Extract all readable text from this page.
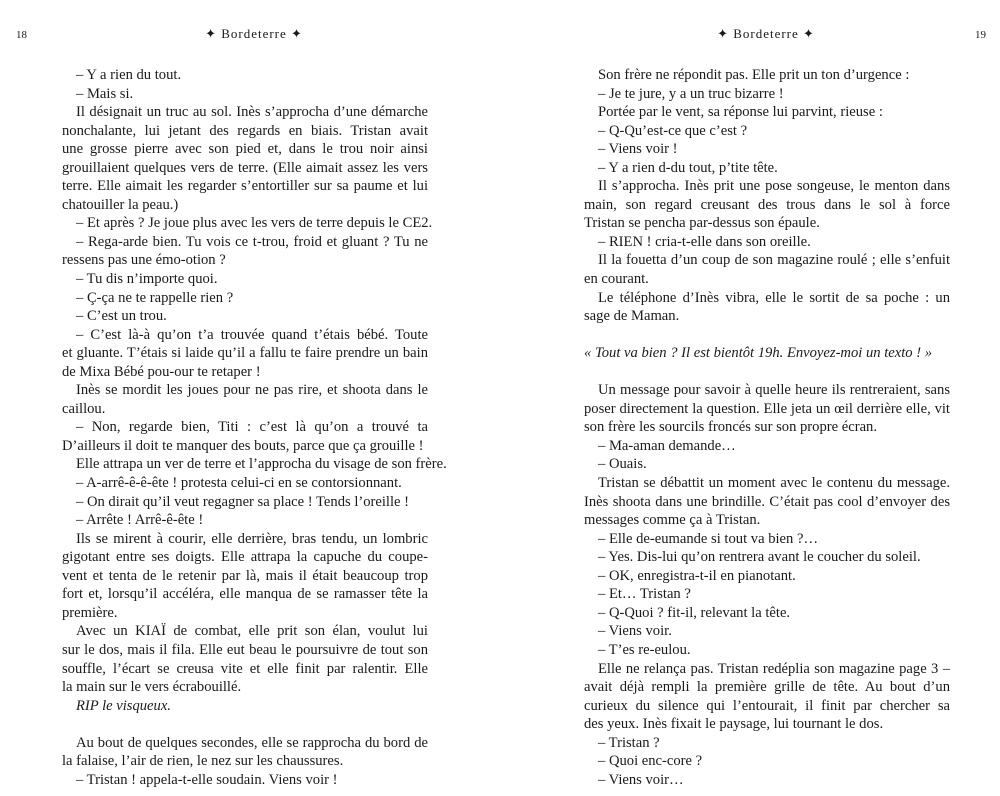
18	✦ Bordeterre ✦	✦ Bordeterre ✦	19
– Y a rien du tout.
– Mais si.
Il désignait un truc au sol. Inès s’approcha d’une démarche
nonchalante, lui jetant des regards en biais. Tristan avait
une grosse pierre avec son pied et, dans le trou noir ainsi
grouillaient quelques vers de terre. (Elle aimait assez les vers
terre. Elle aimait les regarder s’entortiller sur sa paume et lui
chatouiller la peau.)
– Et après ? Je joue plus avec les vers de terre depuis le CE2.
– Rega-arde bien. Tu vois ce t-trou, froid et gluant ? Tu ne
ressens pas une émo-otion ?
– Tu dis n’importe quoi.
– Ç-ça ne te rappelle rien ?
– C’est un trou.
– C’est là-à qu’on t’a trouvée quand t’étais bébé. Toute
et gluante. T’étais si laide qu’il a fallu te faire prendre un bain
de Mixa Bébé pou-our te retaper !
Inès se mordit les joues pour ne pas rire, et shoota dans le
caillou.
– Non, regarde bien, Titi : c’est là qu’on a trouvé ta
D’ailleurs il doit te manquer des bouts, parce que ça grouille !
Elle attrapa un ver de terre et l’approcha du visage de son frère.
– A-arrê-ê-ê-ête ! protesta celui-ci en se contorsionnant.
– On dirait qu’il veut regagner sa place ! Tends l’oreille !
– Arrête ! Arrê-ê-ête !
Ils se mirent à courir, elle derrière, bras tendu, un lombric
gigotant entre ses doigts. Elle attrapa la capuche du coupe-
vent et tenta de le retenir par là, mais il était beaucoup trop
fort et, lorsqu’il accéléra, elle manqua de se ramasser tête la
première.
Avec un KIAÏ de combat, elle prit son élan, voulut lui
sur le dos, mais il fila. Elle eut beau le poursuivre de tout son
souffle, l’écart se creusa vite et elle finit par ralentir. Elle
la main sur le vers écrabouillé.
RIP le visqueux.
Au bout de quelques secondes, elle se rapprocha du bord de
la falaise, l’air de rien, le nez sur les chaussures.
– Tristan ! appela-t-elle soudain. Viens voir !
Son frère ne répondit pas. Elle prit un ton d’urgence :
– Je te jure, y a un truc bizarre !
Portée par le vent, sa réponse lui parvint, rieuse :
– Q-Qu’est-ce que c’est ?
– Viens voir !
– Y a rien d-du tout, p’tite tête.
Il s’approcha. Inès prit une pose songeuse, le menton dans
main, son regard creusant des trous dans le sol à force
Tristan se pencha par-dessus son épaule.
– RIEN ! cria-t-elle dans son oreille.
Il la fouetta d’un coup de son magazine roulé ; elle s’enfuit
en courant.
Le téléphone d’Inès vibra, elle le sortit de sa poche : un
sage de Maman.
« Tout va bien ? Il est bientôt 19h. Envoyez-moi un texto ! »
Un message pour savoir à quelle heure ils rentreraient, sans
poser directement la question. Elle jeta un œil derrière elle, vit
son frère les sourcils froncés sur son propre écran.
– Ma-aman demande…
– Ouais.
Tristan se débattit un moment avec le contenu du message.
Inès shoota dans une brindille. C’était pas cool d’envoyer des
messages comme ça à Tristan.
– Elle de-eumande si tout va bien ?…
– Yes. Dis-lui qu’on rentrera avant le coucher du soleil.
– OK, enregistra-t-il en pianotant.
– Et… Tristan ?
– Q-Quoi ? fit-il, relevant la tête.
– Viens voir.
– T’es re-eulou.
Elle ne relança pas. Tristan redéplia son magazine page 3 –
avait déjà rempli la première grille de tête. Au bout d’un
curieux du silence qui l’entourait, il finit par chercher sa
des yeux. Inès fixait le paysage, lui tournant le dos.
– Tristan ?
– Quoi enc-core ?
– Viens voir…
